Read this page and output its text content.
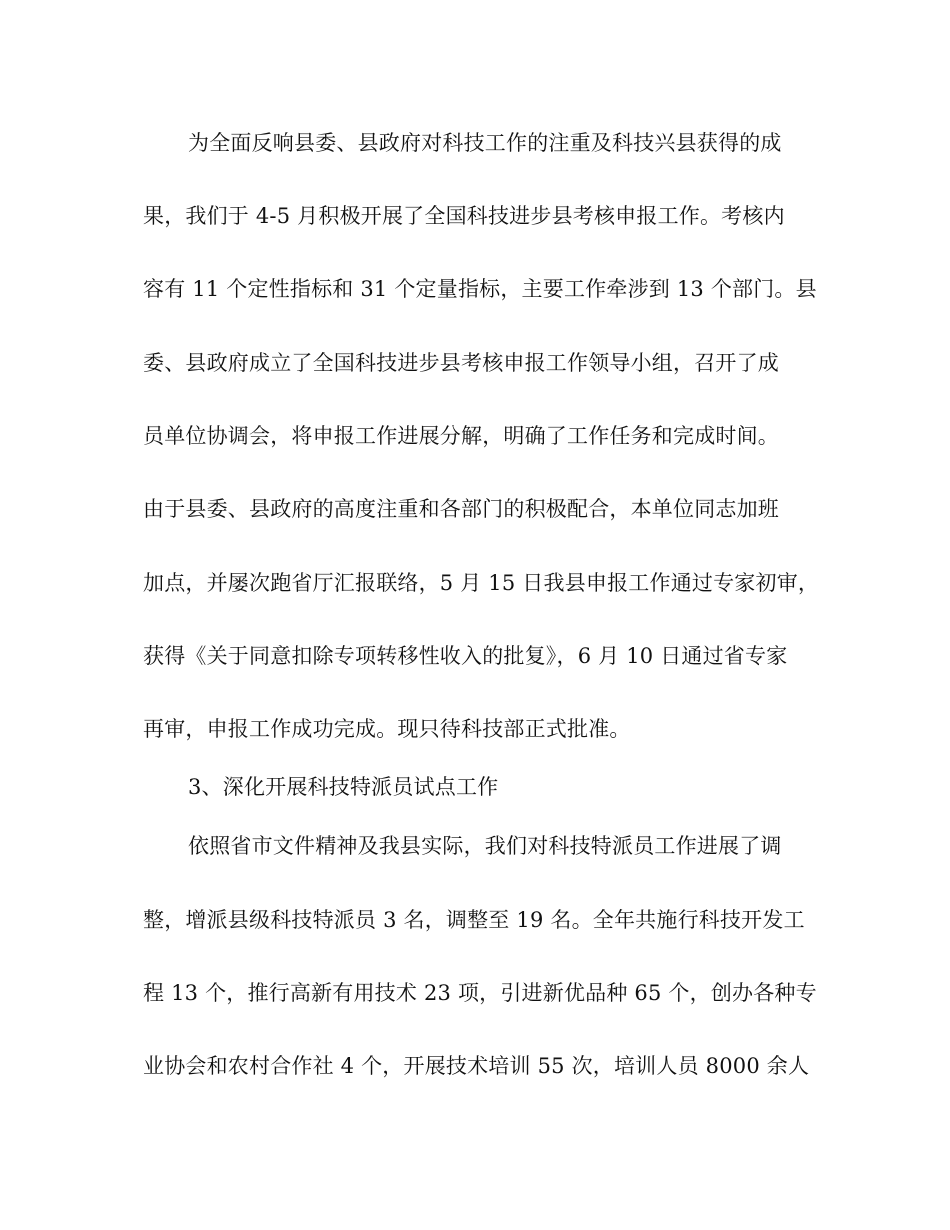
为全面反响县委、县政府对科技工作的注重及科技兴县获得的成
果，我们于 4-5 月积极开展了全国科技进步县考核申报工作。考核内
容有 11 个定性指标和 31 个定量指标，主要工作牵涉到 13 个部门。县
委、县政府成立了全国科技进步县考核申报工作领导小组，召开了成
员单位协调会，将申报工作进展分解，明确了工作任务和完成时间。
由于县委、县政府的高度注重和各部门的积极配合，本单位同志加班
加点，并屡次跑省厅汇报联络，5 月 15 日我县申报工作通过专家初审，
获得《关于同意扣除专项转移性收入的批复》，6 月 10 日通过省专家
再审，申报工作成功完成。现只待科技部正式批准。
3、深化开展科技特派员试点工作
依照省市文件精神及我县实际，我们对科技特派员工作进展了调
整，增派县级科技特派员 3 名，调整至 19 名。全年共施行科技开发工
程 13 个，推行高新有用技术 23 项，引进新优品种 65 个，创办各种专
业协会和农村合作社 4 个，开展技术培训 55 次，培训人员 8000 余人
